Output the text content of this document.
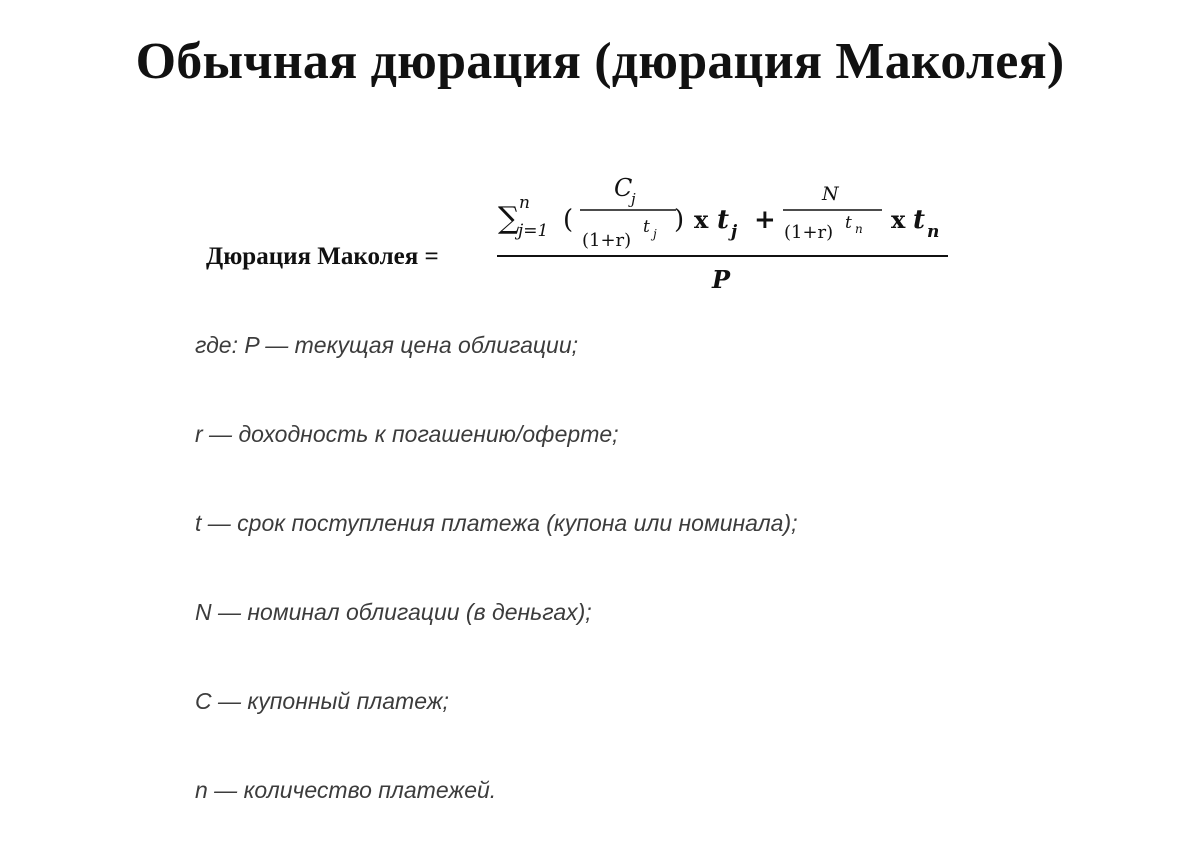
Обычная дюрация (дюрация Маколея)
Дюрация Маколея =
∑ n
j=1 (
C
j
(1+r)
t j ) x t j +
N
(1+r) t n x t n
P
где: P — текущая цена облигации;
r — доходность к погашению/оферте;
t — срок поступления платежа (купона или номинала);
N — номинал облигации (в деньгах);
C — купонный платеж;
n — количество платежей.
